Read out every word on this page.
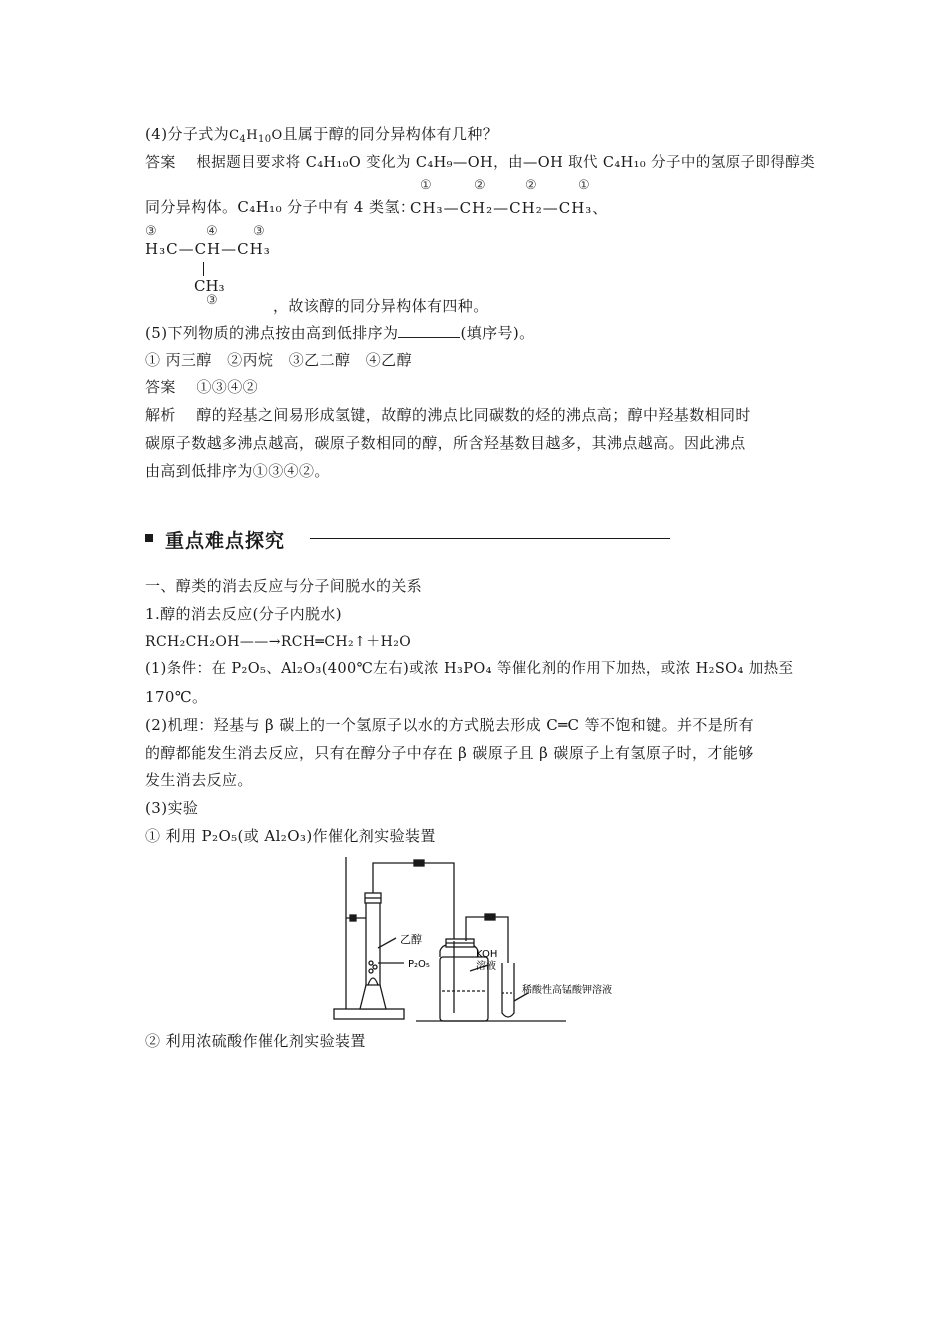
(4)分子式为$C_4H_{10}O$且属于醇的同分异构体有几种？
答案　 根据题目要求将 C₄H₁₀O 变化为 C₄H₉—OH，由—OH 取代 C₄H₁₀ 分子中的氢原子即得醇类
①	②	②	①
同分异构体。C₄H₁₀ 分子中有 4 类氢：
CH₃—CH₂—CH₂—CH₃、
③	④	③
H₃C—CH—CH₃
CH₃
③	，故该醇的同分异构体有四种。
(5)下列物质的沸点按由高到低排序为	(填序号)。
① 丙三醇　②丙烷　③乙二醇　④乙醇
答案　 ①③④②
解析　 醇的羟基之间易形成氢键，故醇的沸点比同碳数的烃的沸点高；醇中羟基数相同时
碳原子数越多沸点越高，碳原子数相同的醇，所含羟基数目越多，其沸点越高。因此沸点
由高到低排序为①③④②。
重点难点探究
一、醇类的消去反应与分子间脱水的关系
1.醇的消去反应(分子内脱水)
RCH₂CH₂OH——→RCH═CH₂↑＋H₂O
(1)条件：在 P₂O₅、Al₂O₃(400℃左右)或浓 H₃PO₄ 等催化剂的作用下加热，或浓 H₂SO₄ 加热至
170℃。
(2)机理：羟基与 β 碳上的一个氢原子以水的方式脱去形成 C═C 等不饱和键。并不是所有
的醇都能发生消去反应，只有在醇分子中存在 β 碳原子且 β 碳原子上有氢原子时，才能够
发生消去反应。
(3)实验
① 利用 P₂O₅(或 Al₂O₃)作催化剂实验装置
乙醇
P₂O₅
KOH
溶液
稀酸性高锰酸钾溶液
② 利用浓硫酸作催化剂实验装置
